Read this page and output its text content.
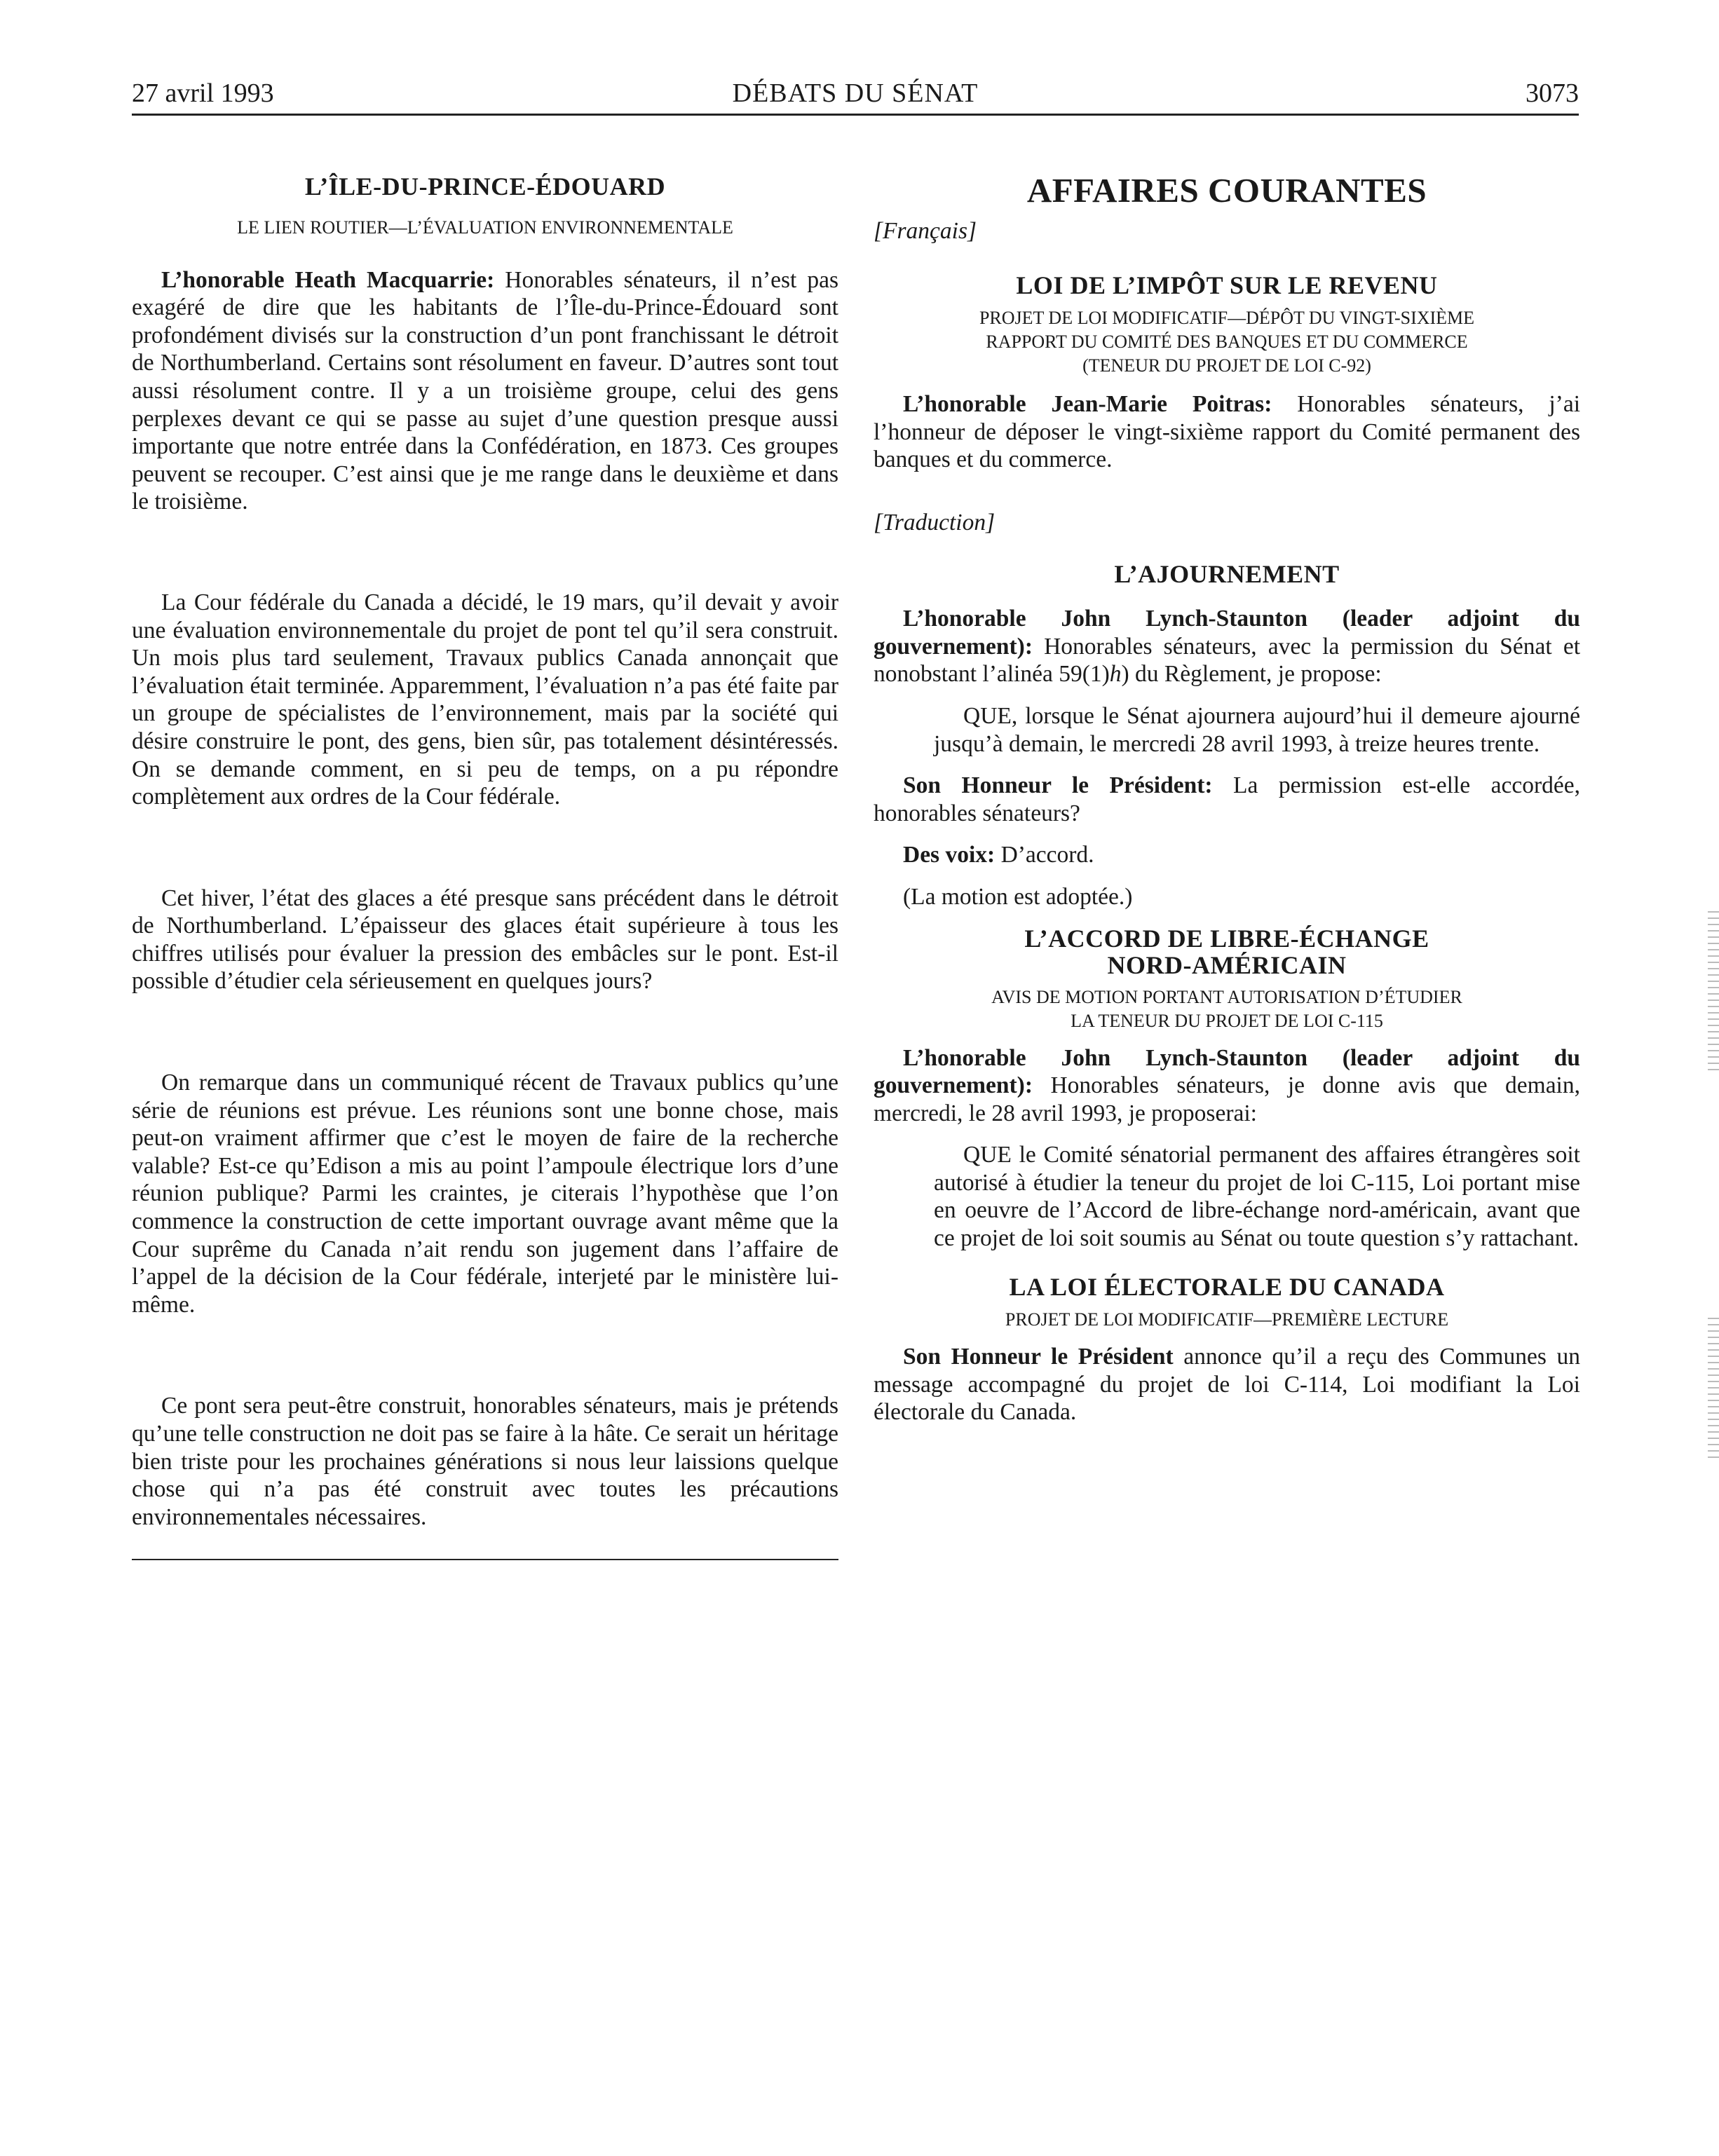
27 avril 1993	DÉBATS DU SÉNAT	3073
L’ÎLE-DU-PRINCE-ÉDOUARD
LE LIEN ROUTIER—L’ÉVALUATION ENVIRONNEMENTALE

L’honorable Heath Macquarrie: Honorables sénateurs, il n’est pas exagéré de dire que les habitants de l’Île-du-Prince-Édouard sont profondément divisés sur la construction d’un pont franchissant le détroit de Northumberland. Certains sont résolument en faveur. D’autres sont tout aussi résolument contre. Il y a un troisième groupe, celui des gens perplexes devant ce qui se passe au sujet d’une question presque aussi importante que notre entrée dans la Confédération, en 1873. Ces groupes peuvent se recouper. C’est ainsi que je me range dans le deuxième et dans le troisième.

La Cour fédérale du Canada a décidé, le 19 mars, qu’il devait y avoir une évaluation environnementale du projet de pont tel qu’il sera construit. Un mois plus tard seulement, Travaux publics Canada annonçait que l’évaluation était terminée. Apparemment, l’évaluation n’a pas été faite par un groupe de spécialistes de l’environnement, mais par la société qui désire construire le pont, des gens, bien sûr, pas totalement désintéressés. On se demande comment, en si peu de temps, on a pu répondre complètement aux ordres de la Cour fédérale.

Cet hiver, l’état des glaces a été presque sans précédent dans le détroit de Northumberland. L’épaisseur des glaces était supérieure à tous les chiffres utilisés pour évaluer la pression des embâcles sur le pont. Est-il possible d’étudier cela sérieusement en quelques jours?

On remarque dans un communiqué récent de Travaux publics qu’une série de réunions est prévue. Les réunions sont une bonne chose, mais peut-on vraiment affirmer que c’est le moyen de faire de la recherche valable? Est-ce qu’Edison a mis au point l’ampoule électrique lors d’une réunion publique? Parmi les craintes, je citerais l’hypothèse que l’on commence la construction de cette important ouvrage avant même que la Cour suprême du Canada n’ait rendu son jugement dans l’affaire de l’appel de la décision de la Cour fédérale, interjeté par le ministère lui-même.

Ce pont sera peut-être construit, honorables sénateurs, mais je prétends qu’une telle construction ne doit pas se faire à la hâte. Ce serait un héritage bien triste pour les prochaines générations si nous leur laissions quelque chose qui n’a pas été construit avec toutes les précautions environnementales nécessaires.

AFFAIRES COURANTES
[Français]
LOI DE L’IMPÔT SUR LE REVENU
PROJET DE LOI MODIFICATIF—DÉPÔT DU VINGT-SIXIÈME
RAPPORT DU COMITÉ DES BANQUES ET DU COMMERCE
(TENEUR DU PROJET DE LOI C-92)

L’honorable Jean-Marie Poitras: Honorables sénateurs, j’ai l’honneur de déposer le vingt-sixième rapport du Comité permanent des banques et du commerce.

[Traduction]
L’AJOURNEMENT

L’honorable John Lynch-Staunton (leader adjoint du gouvernement): Honorables sénateurs, avec la permission du Sénat et nonobstant l’alinéa 59(1)h) du Règlement, je propose:

QUE, lorsque le Sénat ajournera aujourd’hui il demeure ajourné jusqu’à demain, le mercredi 28 avril 1993, à treize heures trente.

Son Honneur le Président: La permission est-elle accordée, honorables sénateurs?

Des voix: D’accord.

(La motion est adoptée.)

L’ACCORD DE LIBRE-ÉCHANGE
NORD-AMÉRICAIN
AVIS DE MOTION PORTANT AUTORISATION D’ÉTUDIER
LA TENEUR DU PROJET DE LOI C-115

L’honorable John Lynch-Staunton (leader adjoint du gouvernement): Honorables sénateurs, je donne avis que demain, mercredi, le 28 avril 1993, je proposerai:

QUE le Comité sénatorial permanent des affaires étrangères soit autorisé à étudier la teneur du projet de loi C-115, Loi portant mise en oeuvre de l’Accord de libre-échange nord-américain, avant que ce projet de loi soit soumis au Sénat ou toute question s’y rattachant.

LA LOI ÉLECTORALE DU CANADA
PROJET DE LOI MODIFICATIF—PREMIÈRE LECTURE

Son Honneur le Président annonce qu’il a reçu des Communes un message accompagné du projet de loi C-114, Loi modifiant la Loi électorale du Canada.
